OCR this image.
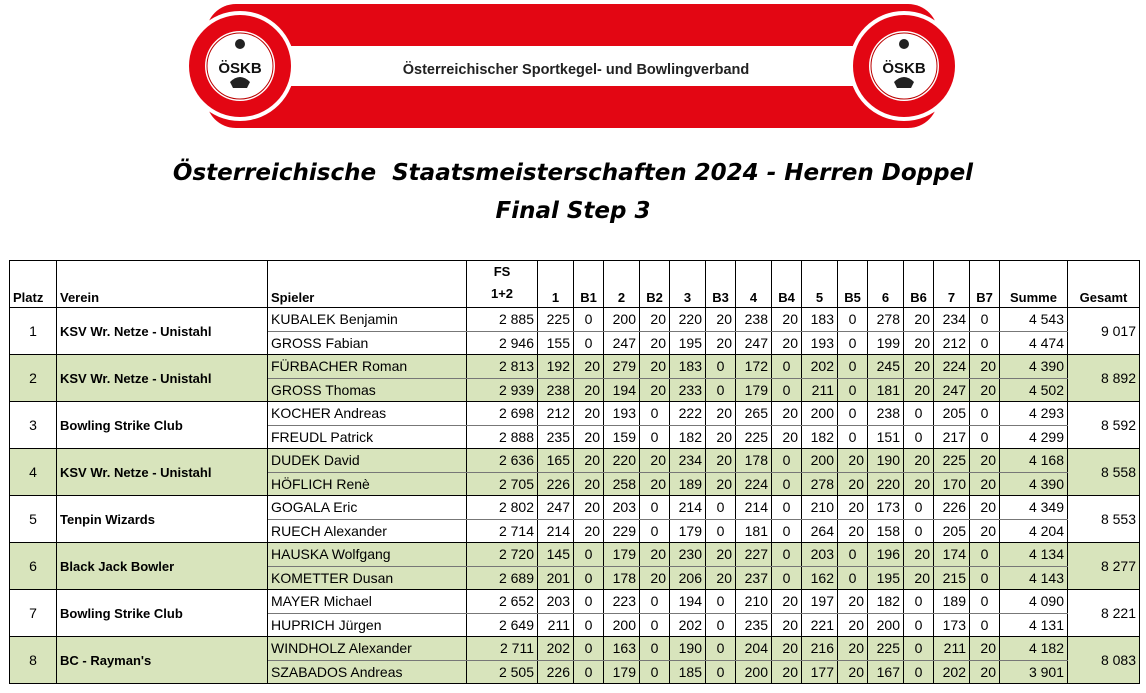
ÖSKB	Österreichischer Sportkegel- und Bowlingverband	ÖSKB
Österreichische  Staatsmeisterschaften 2024 - Herren Doppel
Final Step 3
Platz	Verein	Spieler	FS
1+2	1	B1	2	B2	3	B3	4	B4	5	B5	6	B6	7	B7	Summe	Gesamt
1	KSV Wr. Netze - Unistahl	KUBALEK Benjamin	2 885	225	0	200	20	220	20	238	20	183	0	278	20	234	0	4 543	9 017
		GROSS Fabian	2 946	155	0	247	20	195	20	247	20	193	0	199	20	212	0	4 474	
2	KSV Wr. Netze - Unistahl	FÜRBACHER Roman	2 813	192	20	279	20	183	0	172	0	202	0	245	20	224	20	4 390	8 892
		GROSS Thomas	2 939	238	20	194	20	233	0	179	0	211	0	181	20	247	20	4 502	
3	Bowling Strike Club	KOCHER Andreas	2 698	212	20	193	0	222	20	265	20	200	0	238	0	205	0	4 293	8 592
		FREUDL Patrick	2 888	235	20	159	0	182	20	225	20	182	0	151	0	217	0	4 299	
4	KSV Wr. Netze - Unistahl	DUDEK David	2 636	165	20	220	20	234	20	178	0	200	20	190	20	225	20	4 168	8 558
		HÖFLICH Renè	2 705	226	20	258	20	189	20	224	0	278	20	220	20	170	20	4 390	
5	Tenpin Wizards	GOGALA Eric	2 802	247	20	203	0	214	0	214	0	210	20	173	0	226	20	4 349	8 553
		RUECH Alexander	2 714	214	20	229	0	179	0	181	0	264	20	158	0	205	20	4 204	
6	Black Jack Bowler	HAUSKA Wolfgang	2 720	145	0	179	20	230	20	227	0	203	0	196	20	174	0	4 134	8 277
		KOMETTER Dusan	2 689	201	0	178	20	206	20	237	0	162	0	195	20	215	0	4 143	
7	Bowling Strike Club	MAYER Michael	2 652	203	0	223	0	194	0	210	20	197	20	182	0	189	0	4 090	8 221
		HUPRICH Jürgen	2 649	211	0	200	0	202	0	235	20	221	20	200	0	173	0	4 131	
8	BC - Rayman's	WINDHOLZ Alexander	2 711	202	0	163	0	190	0	204	20	216	20	225	0	211	20	4 182	8 083
		SZABADOS Andreas	2 505	226	0	179	0	185	0	200	20	177	20	167	0	202	20	3 901	
